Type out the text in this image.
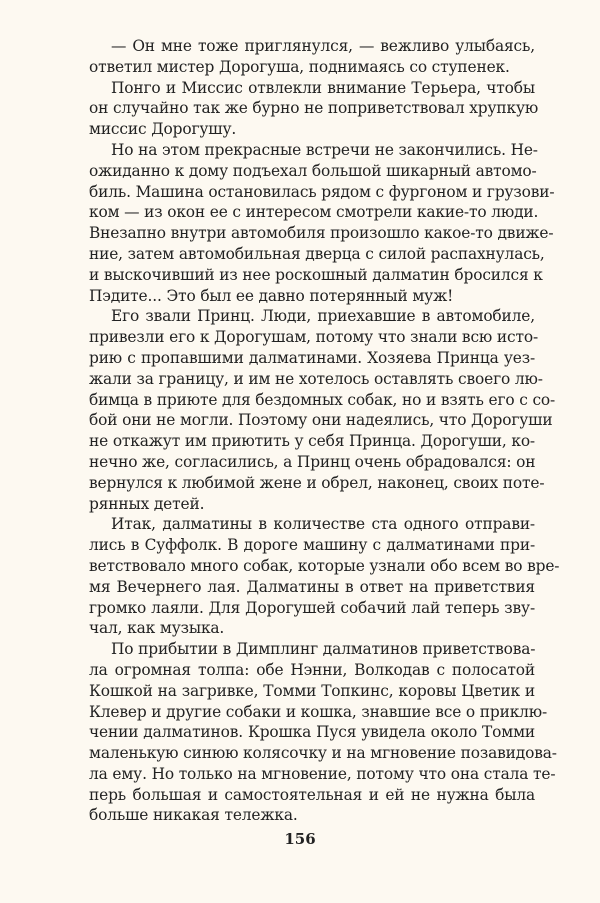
— Он мне тоже приглянулся, — вежливо улыбаясь,
ответил мистер Дорогуша, поднимаясь со ступенек.
Понго и Миссис отвлекли внимание Терьера, чтобы
он случайно так же бурно не поприветствовал хрупкую
миссис Дорогушу.
Но на этом прекрасные встречи не закончились. Не-
ожиданно к дому подъехал большой шикарный автомо-
биль. Машина остановилась рядом с фургоном и грузови-
ком — из окон ее с интересом смотрели какие-то люди.
Внезапно внутри автомобиля произошло какое-то движе-
ние, затем автомобильная дверца с силой распахнулась,
и выскочивший из нее роскошный далматин бросился к
Пэдите... Это был ее давно потерянный муж!
Его звали Принц. Люди, приехавшие в автомобиле,
привезли его к Дорогушам, потому что знали всю исто-
рию с пропавшими далматинами. Хозяева Принца уез-
жали за границу, и им не хотелось оставлять своего лю-
бимца в приюте для бездомных собак, но и взять его с со-
бой они не могли. Поэтому они надеялись, что Дорогуши
не откажут им приютить у себя Принца. Дорогуши, ко-
нечно же, согласились, а Принц очень обрадовался: он
вернулся к любимой жене и обрел, наконец, своих поте-
рянных детей.
Итак, далматины в количестве ста одного отправи-
лись в Суффолк. В дороге машину с далматинами при-
ветствовало много собак, которые узнали обо всем во вре-
мя Вечернего лая. Далматины в ответ на приветствия
громко лаяли. Для Дорогушей собачий лай теперь зву-
чал, как музыка.
По прибытии в Димплинг далматинов приветствова-
ла огромная толпа: обе Нэнни, Волкодав с полосатой
Кошкой на загривке, Томми Топкинс, коровы Цветик и
Клевер и другие собаки и кошка, знавшие все о приклю-
чении далматинов. Крошка Пуся увидела около Томми
маленькую синюю колясочку и на мгновение позавидова-
ла ему. Но только на мгновение, потому что она стала те-
перь большая и самостоятельная и ей не нужна была
больше никакая тележка.
156
